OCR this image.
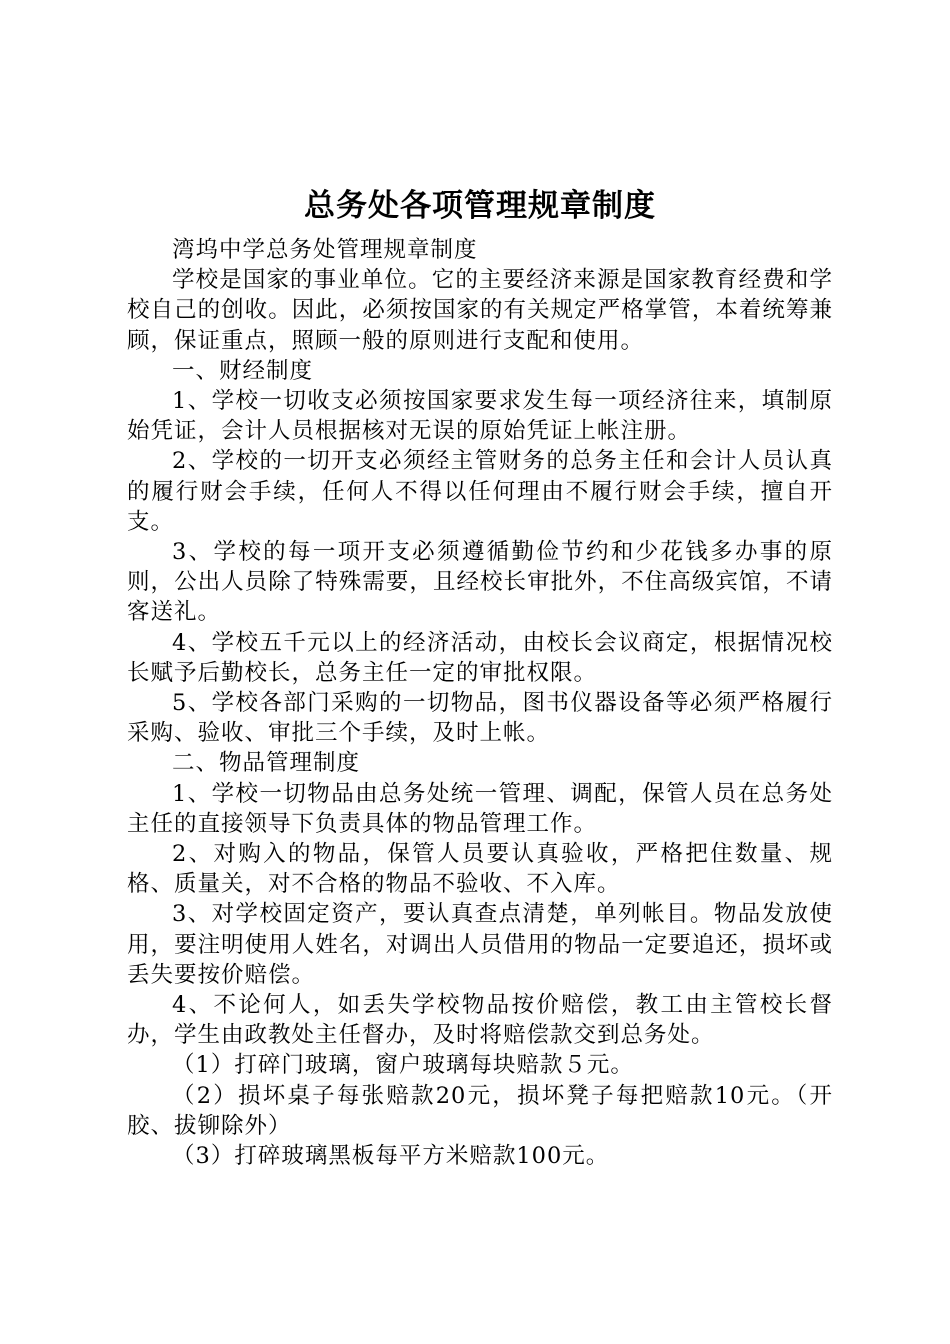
总务处各项管理规章制度

湾坞中学总务处管理规章制度

学校是国家的事业单位。它的主要经济来源是国家教育经费和学校自己的创收。因此，必须按国家的有关规定严格掌管，本着统筹兼顾，保证重点，照顾一般的原则进行支配和使用。

一、财经制度

1、学校一切收支必须按国家要求发生每一项经济往来，填制原始凭证，会计人员根据核对无误的原始凭证上帐注册。

2、学校的一切开支必须经主管财务的总务主任和会计人员认真的履行财会手续，任何人不得以任何理由不履行财会手续，擅自开支。

3、学校的每一项开支必须遵循勤俭节约和少花钱多办事的原则，公出人员除了特殊需要，且经校长审批外，不住高级宾馆，不请客送礼。

4、学校五千元以上的经济活动，由校长会议商定，根据情况校长赋予后勤校长，总务主任一定的审批权限。

5、学校各部门采购的一切物品，图书仪器设备等必须严格履行采购、验收、审批三个手续，及时上帐。

二、物品管理制度

1、学校一切物品由总务处统一管理、调配，保管人员在总务处主任的直接领导下负责具体的物品管理工作。

2、对购入的物品，保管人员要认真验收，严格把住数量、规格、质量关，对不合格的物品不验收、不入库。

3、对学校固定资产，要认真查点清楚，单列帐目。物品发放使用，要注明使用人姓名，对调出人员借用的物品一定要追还，损坏或丢失要按价赔偿。

4、不论何人，如丢失学校物品按价赔偿，教工由主管校长督办，学生由政教处主任督办，及时将赔偿款交到总务处。

（1）打碎门玻璃，窗户玻璃每块赔款５元。

（2）损坏桌子每张赔款20元，损坏凳子每把赔款10元。（开胶、拔铆除外）

（3）打碎玻璃黑板每平方米赔款100元。
